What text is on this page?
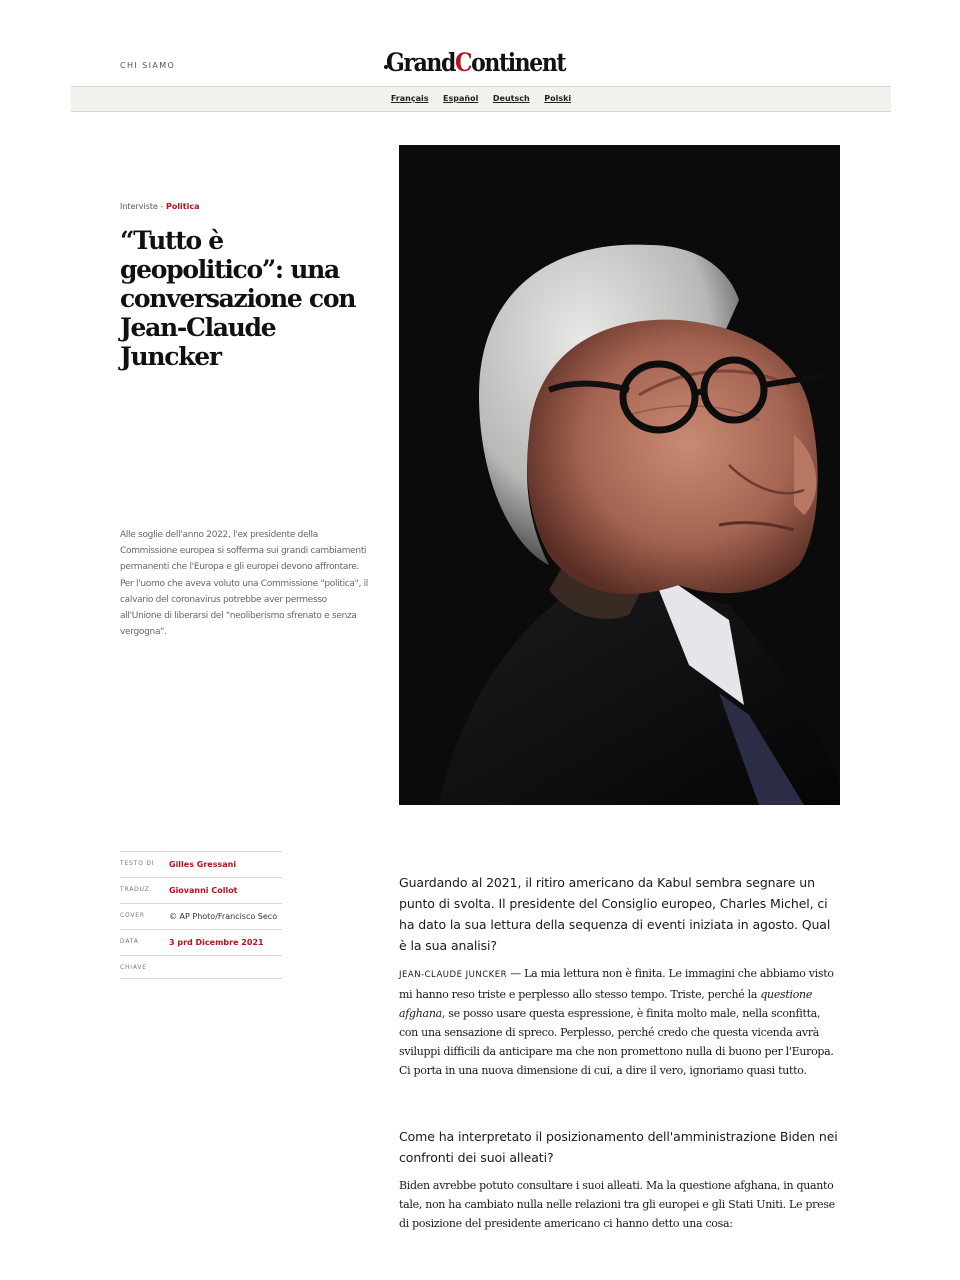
CHI SIAMO	GrandContinent
Français Español Deutsch Polski
Interviste - Politica
“Tutto è geopolitico”: una conversazione con Jean-Claude Juncker

Alle soglie dell'anno 2022, l'ex presidente della Commissione europea si sofferma sui grandi cambiamenti permanenti che l'Europa e gli europei devono affrontare. Per l'uomo che aveva voluto una Commissione "politica", il calvario del coronavirus potrebbe aver permesso all'Unione di liberarsi del "neoliberismo sfrenato e senza vergogna".

TESTO DI	Gilles Gressani
TRADUZ.	Giovanni Collot
COVER	© AP Photo/Francisco Seco
DATA	3 prd Dicembre 2021
CHIAVE

Guardando al 2021, il ritiro americano da Kabul sembra segnare un punto di svolta. Il presidente del Consiglio europeo, Charles Michel, ci ha dato la sua lettura della sequenza di eventi iniziata in agosto. Qual è la sua analisi?

JEAN-CLAUDE JUNCKER — La mia lettura non è finita. Le immagini che abbiamo visto mi hanno reso triste e perplesso allo stesso tempo. Triste, perché la questione afghana, se posso usare questa espressione, è finita molto male, nella sconfitta, con una sensazione di spreco. Perplesso, perché credo che questa vicenda avrà sviluppi difficili da anticipare ma che non promettono nulla di buono per l'Europa. Ci porta in una nuova dimensione di cui, a dire il vero, ignoriamo quasi tutto.

Come ha interpretato il posizionamento dell'amministrazione Biden nei confronti dei suoi alleati?

Biden avrebbe potuto consultare i suoi alleati. Ma la questione afghana, in quanto tale, non ha cambiato nulla nelle relazioni tra gli europei e gli Stati Uniti. Le prese di posizione del presidente americano ci hanno detto una cosa:
